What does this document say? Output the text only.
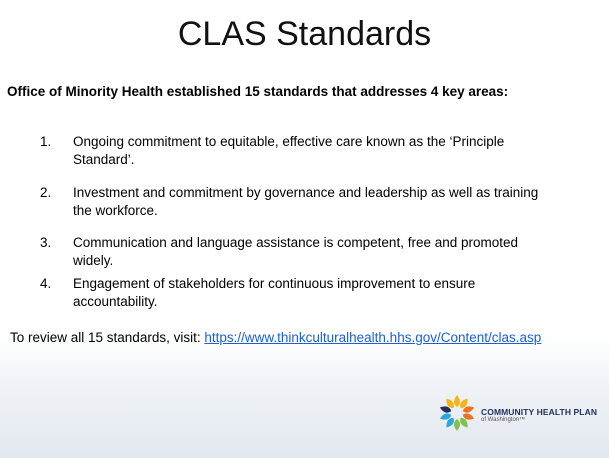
CLAS Standards
Office of Minority Health established 15 standards that addresses 4 key areas:
1. Ongoing commitment to equitable, effective care known as the ‘Principle
Standard’.
2. Investment and commitment by governance and leadership as well as training
the workforce.
3. Communication and language assistance is competent, free and promoted
widely.
4. Engagement of stakeholders for continuous improvement to ensure
accountability.
To review all 15 standards, visit: https://www.thinkculturalhealth.hhs.gov/Content/clas.asp
COMMUNITY HEALTH PLAN
of Washington™
